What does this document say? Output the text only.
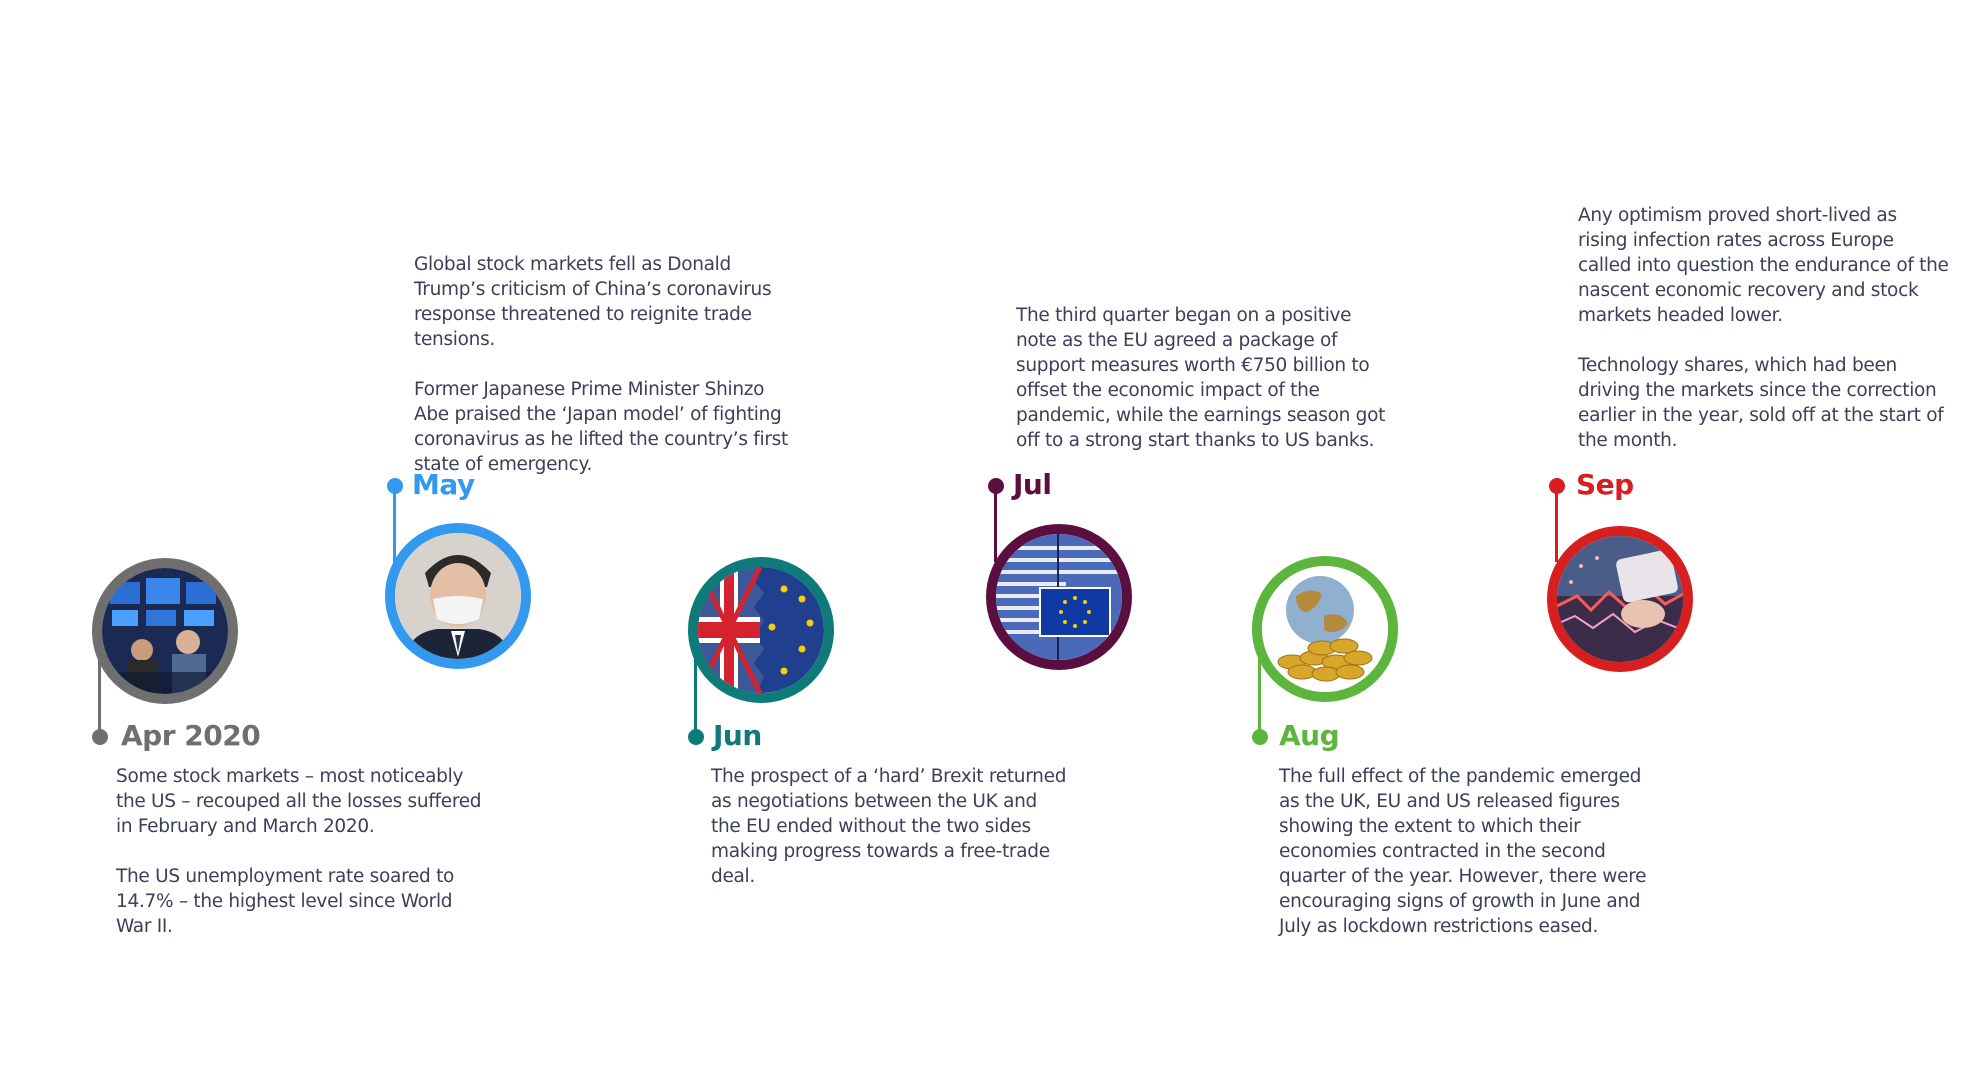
Apr 2020

Some stock markets – most noticeably the US – recouped all the losses suffered in February and March 2020.

The US unemployment rate soared to 14.7% – the highest level since World War II.

Global stock markets fell as Donald Trump’s criticism of China’s coronavirus response threatened to reignite trade tensions.

Former Japanese Prime Minister Shinzo Abe praised the ‘Japan model’ of fighting coronavirus as he lifted the country’s first state of emergency.

May
Jun

The prospect of a ‘hard’ Brexit returned as negotiations between the UK and the EU ended without the two sides making progress towards a free-trade deal.

The third quarter began on a positive note as the EU agreed a package of support measures worth €750 billion to offset the economic impact of the pandemic, while the earnings season got off to a strong start thanks to US banks.

Jul
Aug

The full effect of the pandemic emerged as the UK, EU and US released figures showing the extent to which their economies contracted in the second quarter of the year. However, there were encouraging signs of growth in June and July as lockdown restrictions eased.

Any optimism proved short-lived as rising infection rates across Europe called into question the endurance of the nascent economic recovery and stock markets headed lower.

Technology shares, which had been driving the markets since the correction earlier in the year, sold off at the start of the month.

Sep
